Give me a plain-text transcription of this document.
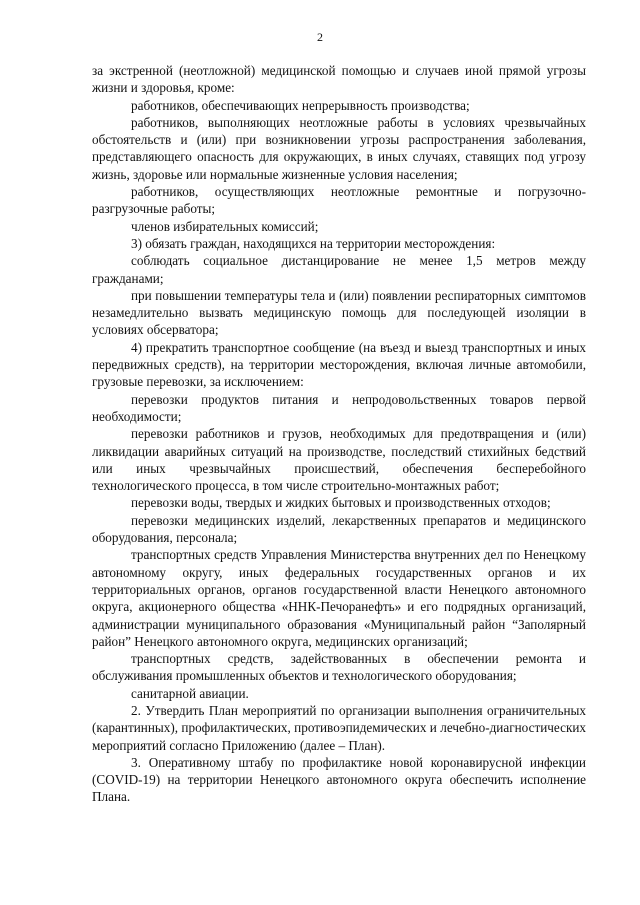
2

за экстренной (неотложной) медицинской помощью и случаев иной прямой угрозы жизни и здоровья, кроме:

работников, обеспечивающих непрерывность производства;

работников, выполняющих неотложные работы в условиях чрезвычайных обстоятельств и (или) при возникновении угрозы распространения заболевания, представляющего опасность для окружающих, в иных случаях, ставящих под угрозу жизнь, здоровье или нормальные жизненные условия населения;

работников, осуществляющих неотложные ремонтные и погрузочно-разгрузочные работы;

членов избирательных комиссий;

3) обязать граждан, находящихся на территории месторождения:

соблюдать социальное дистанцирование не менее 1,5 метров между гражданами;

при повышении температуры тела и (или) появлении респираторных симптомов незамедлительно вызвать медицинскую помощь для последующей изоляции в условиях обсерватора;

4) прекратить транспортное сообщение (на въезд и выезд транспортных и иных передвижных средств), на территории месторождения, включая личные автомобили, грузовые перевозки, за исключением:

перевозки продуктов питания и непродовольственных товаров первой необходимости;

перевозки работников и грузов, необходимых для предотвращения и (или) ликвидации аварийных ситуаций на производстве, последствий стихийных бедствий или иных чрезвычайных происшествий, обеспечения бесперебойного технологического процесса, в том числе строительно-монтажных работ;

перевозки воды, твердых и жидких бытовых и производственных отходов;

перевозки медицинских изделий, лекарственных препаратов и медицинского оборудования, персонала;

транспортных средств Управления Министерства внутренних дел по Ненецкому автономному округу, иных федеральных государственных органов и их территориальных органов, органов государственной власти Ненецкого автономного округа, акционерного общества «ННК-Печоранефть» и его подрядных организаций, администрации муниципального образования «Муниципальный район “Заполярный район” Ненецкого автономного округа, медицинских организаций;

транспортных средств, задействованных в обеспечении ремонта и обслуживания промышленных объектов и технологического оборудования;

санитарной авиации.

2. Утвердить План мероприятий по организации выполнения ограничительных (карантинных), профилактических, противоэпидемических и лечебно-диагностических мероприятий согласно Приложению (далее – План).

3. Оперативному штабу по профилактике новой коронавирусной инфекции (COVID-19) на территории Ненецкого автономного округа обеспечить исполнение Плана.
